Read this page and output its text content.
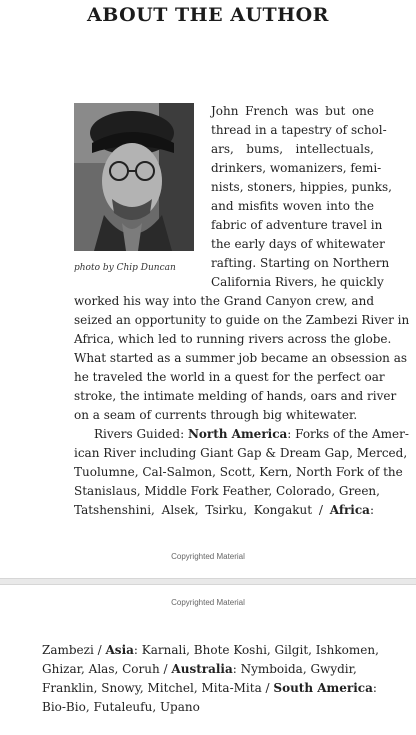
ABOUT THE AUTHOR
photo by Chip Duncan
John French was but one
thread in a tapestry of schol-
ars, bums, intellectuals,
drinkers, womanizers, femi-
nists, stoners, hippies, punks,
and misfits woven into the
fabric of adventure travel in
the early days of whitewater
rafting. Starting on Northern
California Rivers, he quickly
worked his way into the Grand Canyon crew, and
seized an opportunity to guide on the Zambezi River in
Africa, which led to running rivers across the globe.
What started as a summer job became an obsession as
he traveled the world in a quest for the perfect oar
stroke, the intimate melding of hands, oars and river
on a seam of currents through big whitewater.
Rivers Guided: North America: Forks of the Amer-
ican River including Giant Gap & Dream Gap, Merced,
Tuolumne, Cal-Salmon, Scott, Kern, North Fork of the
Stanislaus, Middle Fork Feather, Colorado, Green,
Tatshenshini, Alsek, Tsirku, Kongakut / Africa:
Copyrighted Material
Copyrighted Material
Zambezi / Asia: Karnali, Bhote Koshi, Gilgit, Ishkomen,
Ghizar, Alas, Coruh / Australia: Nymboida, Gwydir,
Franklin, Snowy, Mitchel, Mita-Mita / South America:
Bio-Bio, Futaleufu, Upano
